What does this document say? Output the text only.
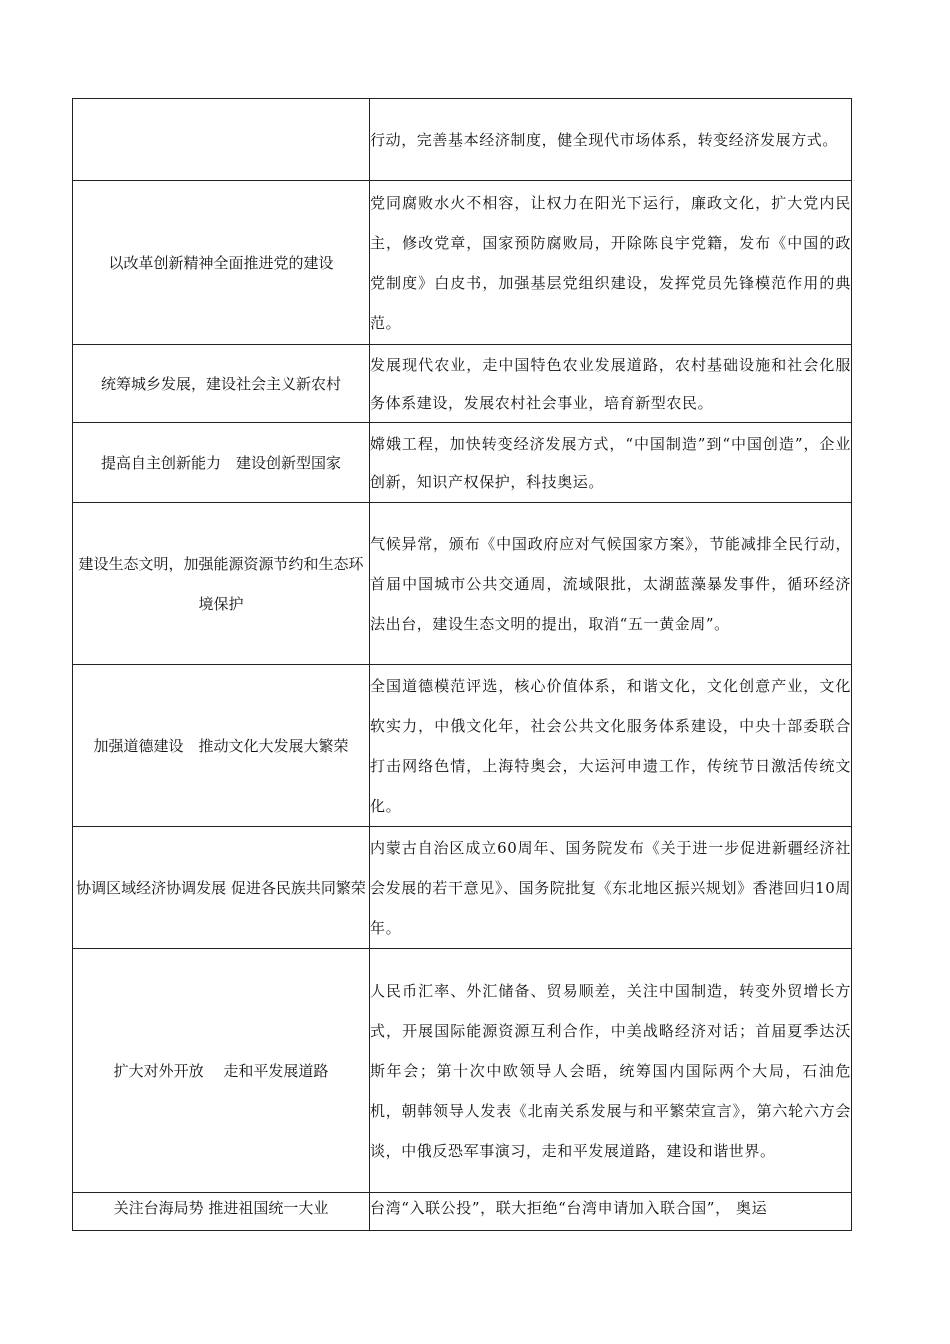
	行动，完善基本经济制度，健全现代市场体系，转变经济发展方式。
以改革创新精神全面推进党的建设	党同腐败水火不相容，让权力在阳光下运行，廉政文化，扩大党内民主，修改党章，国家预防腐败局，开除陈良宇党籍，发布《中国的政党制度》白皮书，加强基层党组织建设，发挥党员先锋模范作用的典范。
统筹城乡发展，建设社会主义新农村	发展现代农业，走中国特色农业发展道路，农村基础设施和社会化服务体系建设，发展农村社会事业，培育新型农民。
提高自主创新能力　建设创新型国家	嫦娥工程，加快转变经济发展方式，“中国制造”到“中国创造”，企业创新，知识产权保护，科技奥运。
建设生态文明，加强能源资源节约和生态环境保护	气候异常，颁布《中国政府应对气候国家方案》，节能减排全民行动，首届中国城市公共交通周，流域限批，太湖蓝藻暴发事件，循环经济法出台，建设生态文明的提出，取消“五一黄金周”。
加强道德建设　推动文化大发展大繁荣	全国道德模范评选，核心价值体系，和谐文化，文化创意产业，文化软实力，中俄文化年，社会公共文化服务体系建设，中央十部委联合打击网络色情，上海特奥会，大运河申遗工作，传统节日激活传统文化。
协调区域经济协调发展 促进各民族共同繁荣	内蒙古自治区成立60周年、国务院发布《关于进一步促进新疆经济社会发展的若干意见》、国务院批复《东北地区振兴规划》香港回归10周年。
扩大对外开放　 走和平发展道路	人民币汇率、外汇储备、贸易顺差，关注中国制造，转变外贸增长方式，开展国际能源资源互利合作，中美战略经济对话；首届夏季达沃斯年会；第十次中欧领导人会晤，统筹国内国际两个大局，石油危机，朝韩领导人发表《北南关系发展与和平繁荣宣言》，第六轮六方会谈，中俄反恐军事演习，走和平发展道路，建设和谐世界。
关注台海局势 推进祖国统一大业	台湾“入联公投”，联大拒绝“台湾申请加入联合国”， 奥运
